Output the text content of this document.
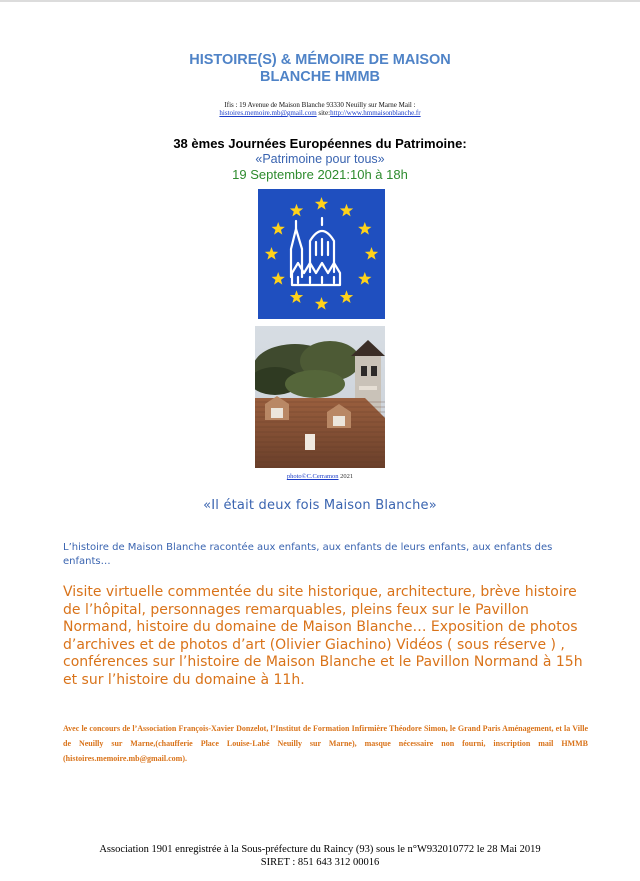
HISTOIRE(S) & MÉMOIRE DE MAISON
BLANCHE HMMB
Ifis : 19 Avenue de Maison Blanche 93330 Neuilly sur Marne Mail :
histoires.memoire.mb@gmail.com site:http://www.hmmaisonblanche.fr
38 èmes Journées Européennes du Patrimoine:
«Patrimoine pour tous»
19 Septembre 2021:10h à 18h
photo©C.Cerramon 2021
«Il était deux fois Maison Blanche»
L’histoire de Maison Blanche racontée aux enfants, aux enfants de leurs enfants, aux enfants des enfants…
Visite virtuelle commentée du site historique, architecture, brève histoire de l’hôpital, personnages remarquables, pleins feux sur le Pavillon Normand, histoire du domaine de Maison Blanche… Exposition de photos d’archives et de photos d’art (Olivier Giachino) Vidéos ( sous réserve ) , conférences sur l’histoire de Maison Blanche et le Pavillon Normand à 15h et sur l’histoire du domaine à 11h.
Avec le concours de l’Association François-Xavier Donzelot, l’Institut de Formation Infirmière Théodore Simon, le Grand Paris Aménagement, et la Ville de Neuilly sur Marne,(chaufferie Place Louise-Labé Neuilly sur Marne), masque nécessaire non fourni, inscription mail HMMB (histoires.memoire.mb@gmail.com).
Association 1901 enregistrée à la Sous-préfecture du Raincy (93) sous le n°W932010772 le 28 Mai 2019
SIRET : 851 643 312 00016
